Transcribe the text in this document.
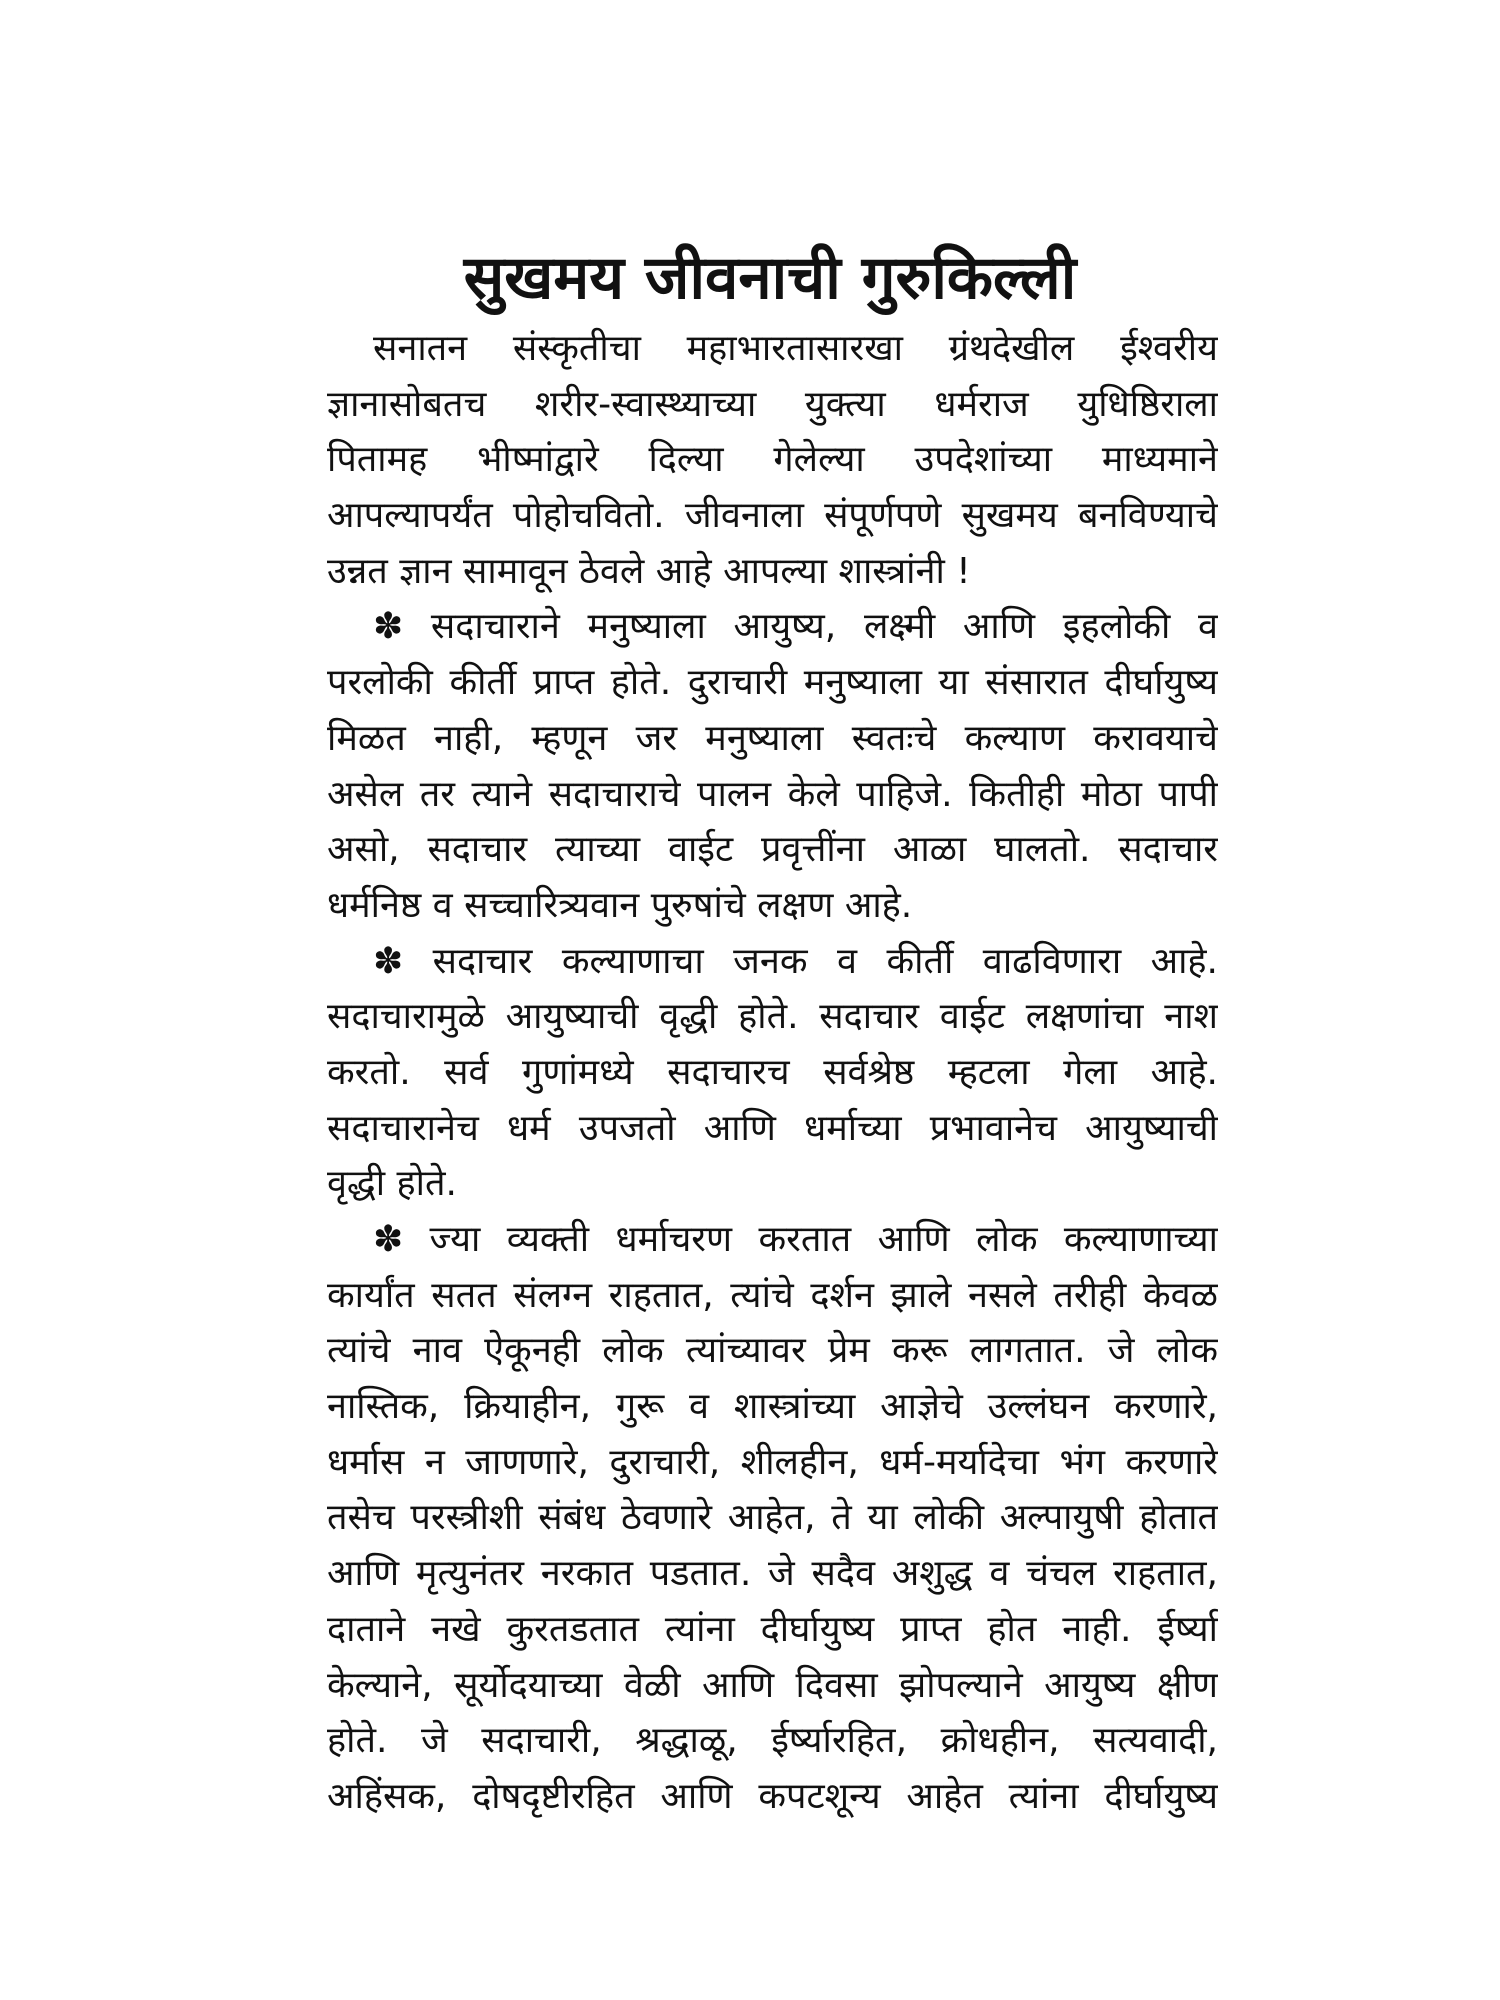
सुखमय जीवनाची गुरुकिल्ली
सनातन संस्कृतीचा महाभारतासारखा ग्रंथदेखील ईश्वरीय
ज्ञानासोबतच शरीर-स्वास्थ्याच्या युक्त्या धर्मराज युधिष्ठिराला
पितामह भीष्मांद्वारे दिल्या गेलेल्या उपदेशांच्या माध्यमाने
आपल्यापर्यंत पोहोचवितो. जीवनाला संपूर्णपणे सुखमय बनविण्याचे
उन्नत ज्ञान सामावून ठेवले आहे आपल्या शास्त्रांनी !
✽ सदाचाराने मनुष्याला आयुष्य, लक्ष्मी आणि इहलोकी व
परलोकी कीर्ती प्राप्त होते. दुराचारी मनुष्याला या संसारात दीर्घायुष्य
मिळत नाही, म्हणून जर मनुष्याला स्वतःचे कल्याण करावयाचे
असेल तर त्याने सदाचाराचे पालन केले पाहिजे. कितीही मोठा पापी
असो, सदाचार त्याच्या वाईट प्रवृत्तींना आळा घालतो. सदाचार
धर्मनिष्ठ व सच्चारित्र्यवान पुरुषांचे लक्षण आहे.
✽ सदाचार कल्याणाचा जनक व कीर्ती वाढविणारा आहे.
सदाचारामुळे आयुष्याची वृद्धी होते. सदाचार वाईट लक्षणांचा नाश
करतो. सर्व गुणांमध्ये सदाचारच सर्वश्रेष्ठ म्हटला गेला आहे.
सदाचारानेच धर्म उपजतो आणि धर्माच्या प्रभावानेच आयुष्याची
वृद्धी होते.
✽ ज्या व्यक्ती धर्माचरण करतात आणि लोक कल्याणाच्या
कार्यांत सतत संलग्न राहतात, त्यांचे दर्शन झाले नसले तरीही केवळ
त्यांचे नाव ऐकूनही लोक त्यांच्यावर प्रेम करू लागतात. जे लोक
नास्तिक, क्रियाहीन, गुरू व शास्त्रांच्या आज्ञेचे उल्लंघन करणारे,
धर्मास न जाणणारे, दुराचारी, शीलहीन, धर्म-मर्यादेचा भंग करणारे
तसेच परस्त्रीशी संबंध ठेवणारे आहेत, ते या लोकी अल्पायुषी होतात
आणि मृत्युनंतर नरकात पडतात. जे सदैव अशुद्ध व चंचल राहतात,
दाताने नखे कुरतडतात त्यांना दीर्घायुष्य प्राप्त होत नाही. ईर्ष्या
केल्याने, सूर्योदयाच्या वेळी आणि दिवसा झोपल्याने आयुष्य क्षीण
होते. जे सदाचारी, श्रद्धाळू, ईर्ष्यारहित, क्रोधहीन, सत्यवादी,
अहिंसक, दोषदृष्टीरहित आणि कपटशून्य आहेत त्यांना दीर्घायुष्य
